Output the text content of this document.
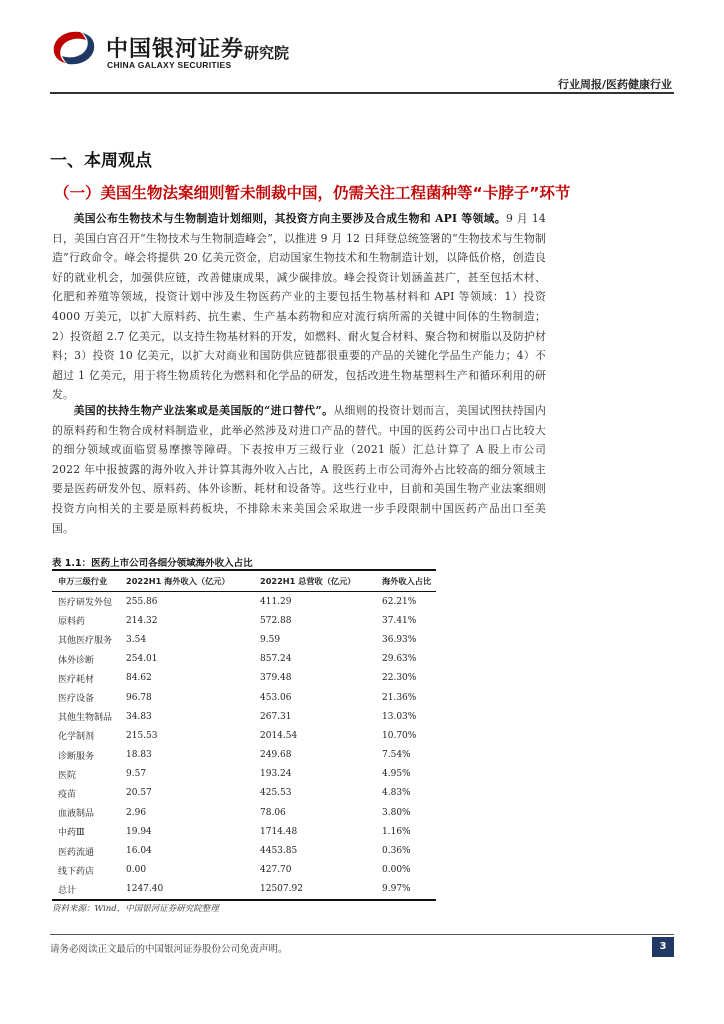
中国银河证券
CHINA GALAXY SECURITIES
研究院
行业周报/医药健康行业
一、本周观点
（一）美国生物法案细则暂未制裁中国，仍需关注工程菌种等“卡脖子”环节

美国公布生物技术与生物制造计划细则，其投资方向主要涉及合成生物和 API 等领域。9 月 14 日，美国白宫召开“生物技术与生物制造峰会”，以推进 9 月 12 日拜登总统签署的“生物技术与生物制造”行政命令。峰会将提供 20 亿美元资金，启动国家生物技术和生物制造计划，以降低价格，创造良好的就业机会，加强供应链，改善健康成果，减少碳排放。峰会投资计划涵盖甚广，甚至包括木材、化肥和养殖等领域，投资计划中涉及生物医药产业的主要包括生物基材料和 API 等领域：1）投资 4000 万美元，以扩大原料药、抗生素、生产基本药物和应对流行病所需的关键中间体的生物制造；2）投资超 2.7 亿美元，以支持生物基材料的开发，如燃料、耐火复合材料、聚合物和树脂以及防护材料；3）投资 10 亿美元，以扩大对商业和国防供应链都很重要的产品的关键化学品生产能力；4）不超过 1 亿美元，用于将生物质转化为燃料和化学品的研发，包括改进生物基塑料生产和循环利用的研发。

美国的扶持生物产业法案或是美国版的“进口替代”。从细则的投资计划而言，美国试图扶持国内的原料药和生物合成材料制造业，此举必然涉及对进口产品的替代。中国的医药公司中出口占比较大的细分领域或面临贸易摩擦等障碍。下表按申万三级行业（2021 版）汇总计算了 A 股上市公司 2022 年中报披露的海外收入并计算其海外收入占比，A 股医药上市公司海外占比较高的细分领域主要是医药研发外包、原料药、体外诊断、耗材和设备等。这些行业中，目前和美国生物产业法案细则投资方向相关的主要是原料药板块，不排除未来美国会采取进一步手段限制中国医药产品出口至美国。

表 1.1：医药上市公司各细分领域海外收入占比
申万三级行业	2022H1 海外收入（亿元）	2022H1 总营收（亿元）	海外收入占比
医疗研发外包	255.86	411.29	62.21%
原料药	214.32	572.88	37.41%
其他医疗服务	3.54	9.59	36.93%
体外诊断	254.01	857.24	29.63%
医疗耗材	84.62	379.48	22.30%
医疗设备	96.78	453.06	21.36%
其他生物制品	34.83	267.31	13.03%
化学制剂	215.53	2014.54	10.70%
诊断服务	18.83	249.68	7.54%
医院	9.57	193.24	4.95%
疫苗	20.57	425.53	4.83%
血液制品	2.96	78.06	3.80%
中药Ⅲ	19.94	1714.48	1.16%
医药流通	16.04	4453.85	0.36%
线下药店	0.00	427.70	0.00%
总计	1247.40	12507.92	9.97%
资料来源：Wind，中国银河证券研究院整理
请务必阅读正文最后的中国银河证券股份公司免责声明。	3
